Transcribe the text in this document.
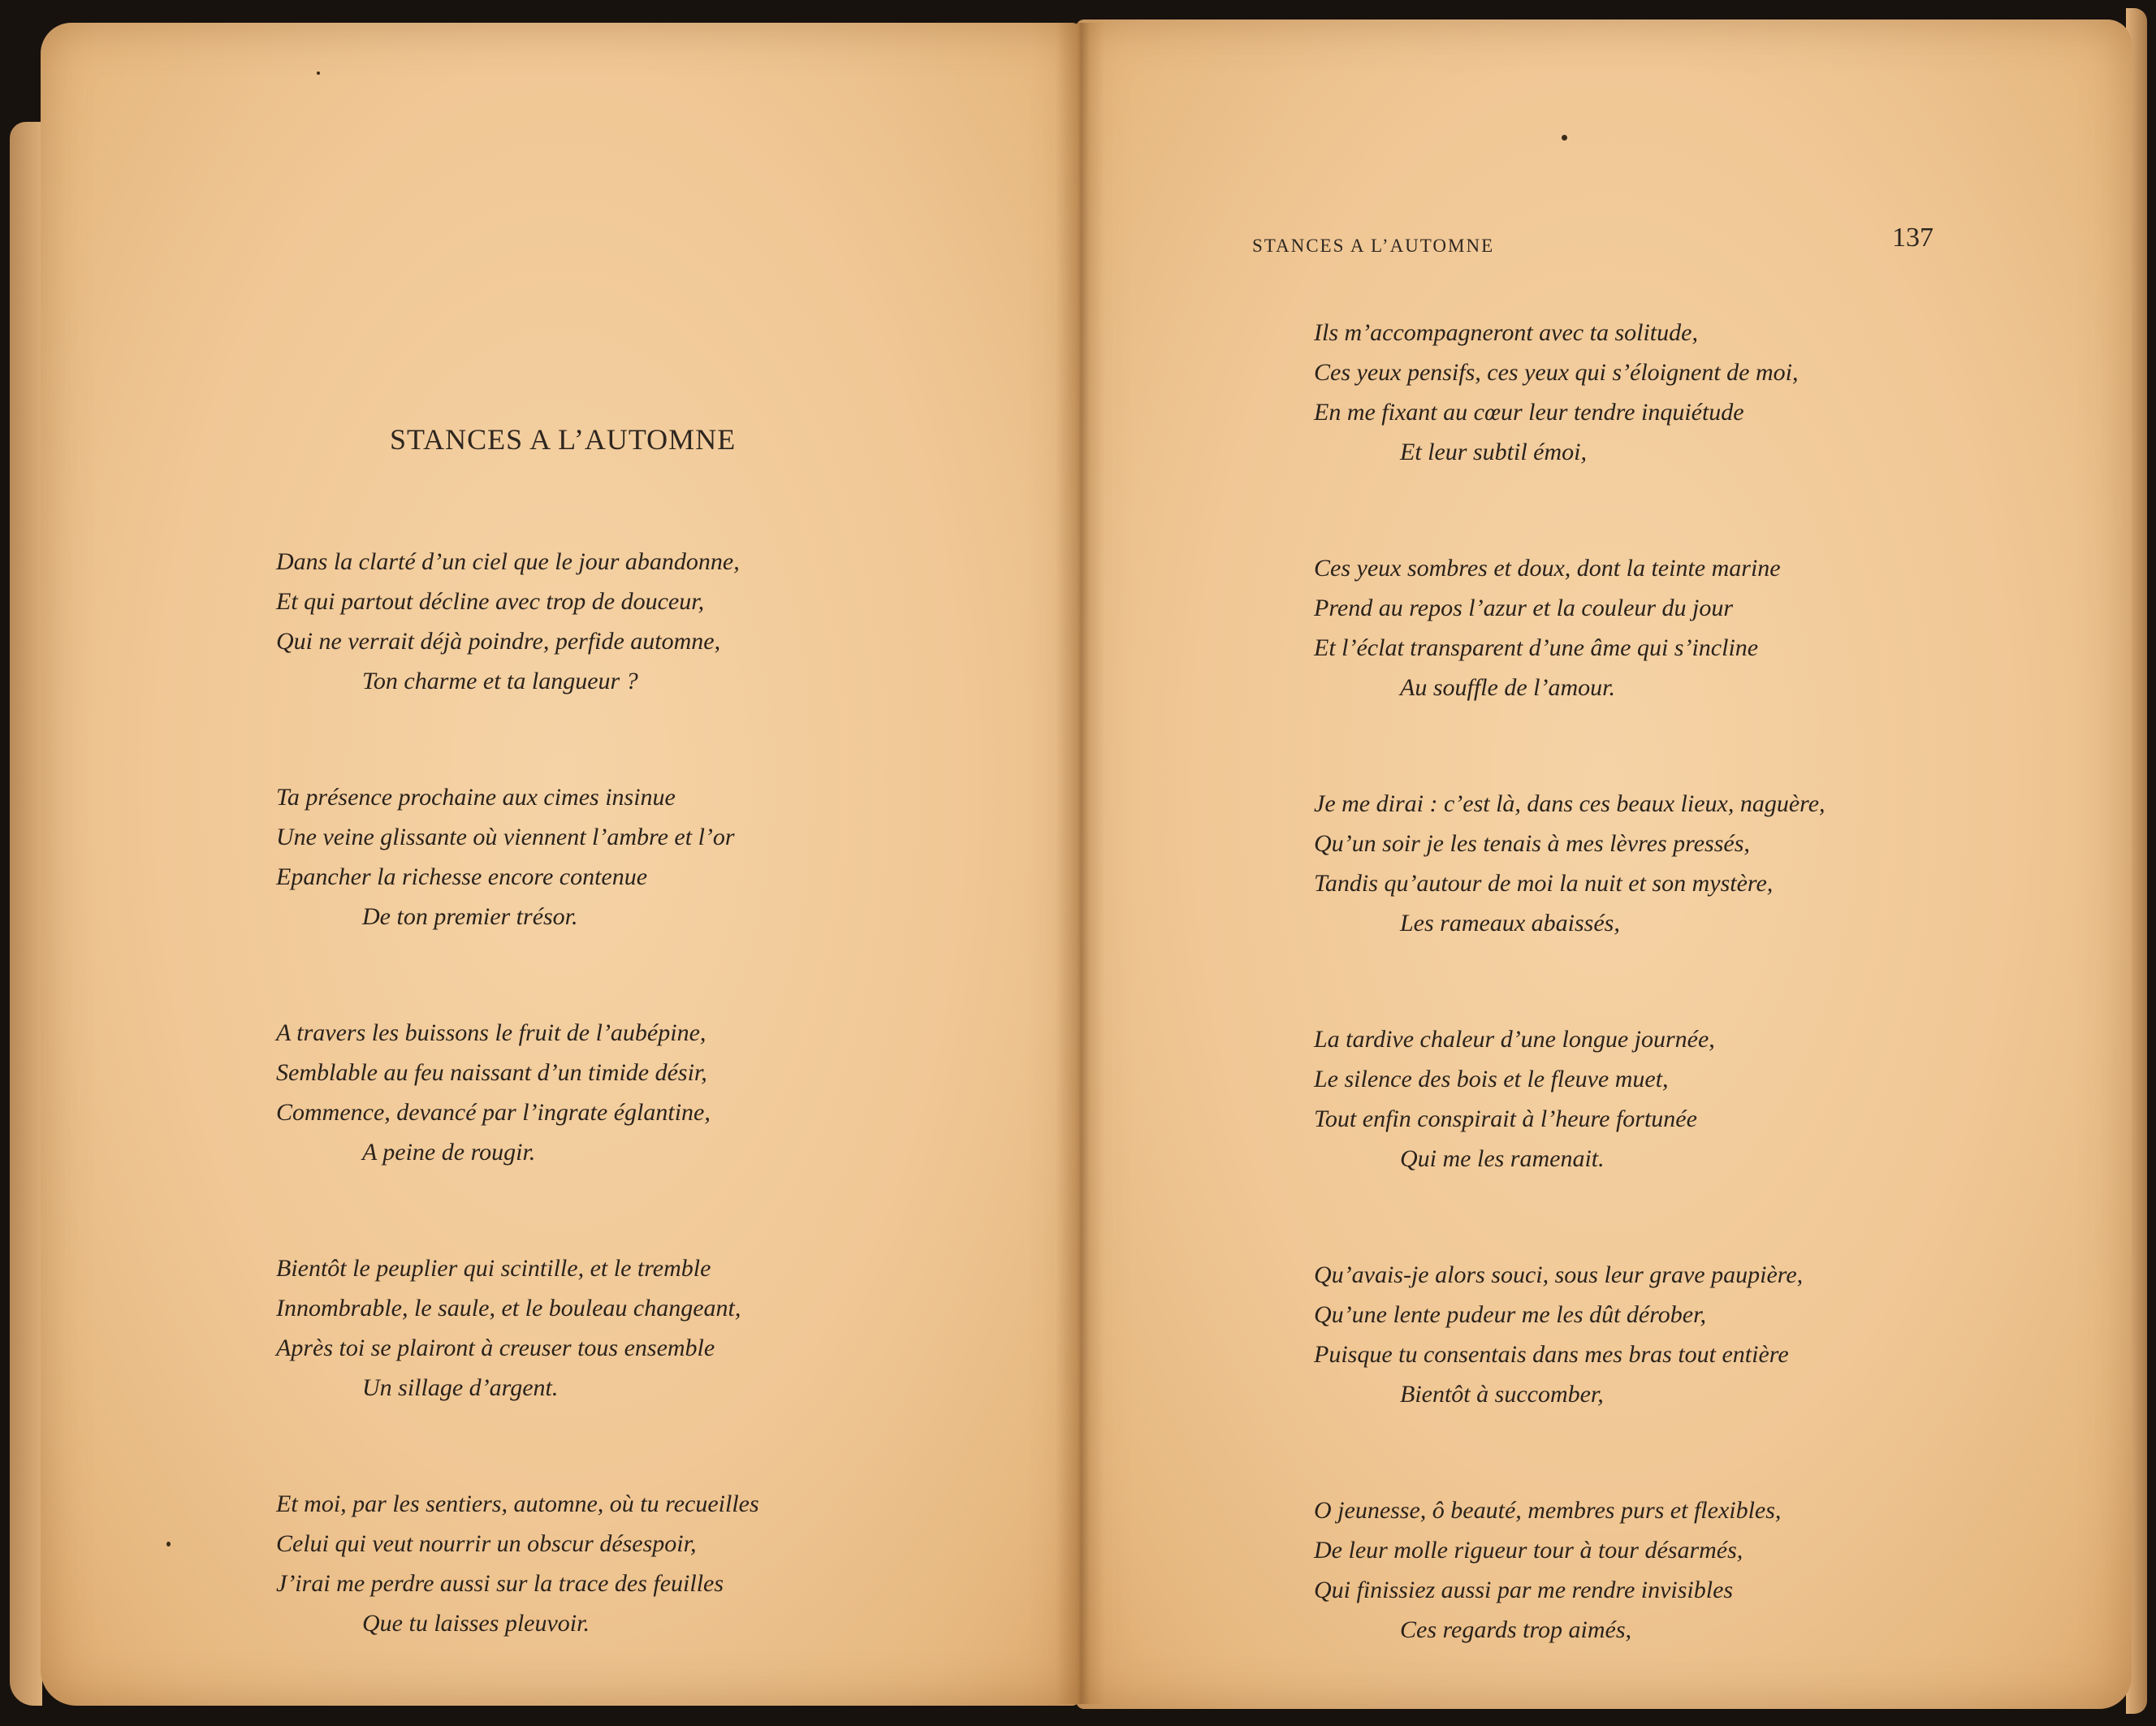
STANCES A L’AUTOMNE
Dans la clarté d’un ciel que le jour abandonne,
Et qui partout décline avec trop de douceur,
Qui ne verrait déjà poindre, perfide automne,
Ton charme et ta langueur ?
Ta présence prochaine aux cimes insinue
Une veine glissante où viennent l’ambre et l’or
Epancher la richesse encore contenue
De ton premier trésor.
A travers les buissons le fruit de l’aubépine,
Semblable au feu naissant d’un timide désir,
Commence, devancé par l’ingrate églantine,
A peine de rougir.
Bientôt le peuplier qui scintille, et le tremble
Innombrable, le saule, et le bouleau changeant,
Après toi se plairont à creuser tous ensemble
Un sillage d’argent.
Et moi, par les sentiers, automne, où tu recueilles
Celui qui veut nourrir un obscur désespoir,
J’irai me perdre aussi sur la trace des feuilles
Que tu laisses pleuvoir.
STANCES A L’AUTOMNE	137
Ils m’accompagneront avec ta solitude,
Ces yeux pensifs, ces yeux qui s’éloignent de moi,
En me fixant au cœur leur tendre inquiétude
Et leur subtil émoi,
Ces yeux sombres et doux, dont la teinte marine
Prend au repos l’azur et la couleur du jour
Et l’éclat transparent d’une âme qui s’incline
Au souffle de l’amour.
Je me dirai : c’est là, dans ces beaux lieux, naguère,
Qu’un soir je les tenais à mes lèvres pressés,
Tandis qu’autour de moi la nuit et son mystère,
Les rameaux abaissés,
La tardive chaleur d’une longue journée,
Le silence des bois et le fleuve muet,
Tout enfin conspirait à l’heure fortunée
Qui me les ramenait.
Qu’avais-je alors souci, sous leur grave paupière,
Qu’une lente pudeur me les dût dérober,
Puisque tu consentais dans mes bras tout entière
Bientôt à succomber,
O jeunesse, ô beauté, membres purs et flexibles,
De leur molle rigueur tour à tour désarmés,
Qui finissiez aussi par me rendre invisibles
Ces regards trop aimés,
